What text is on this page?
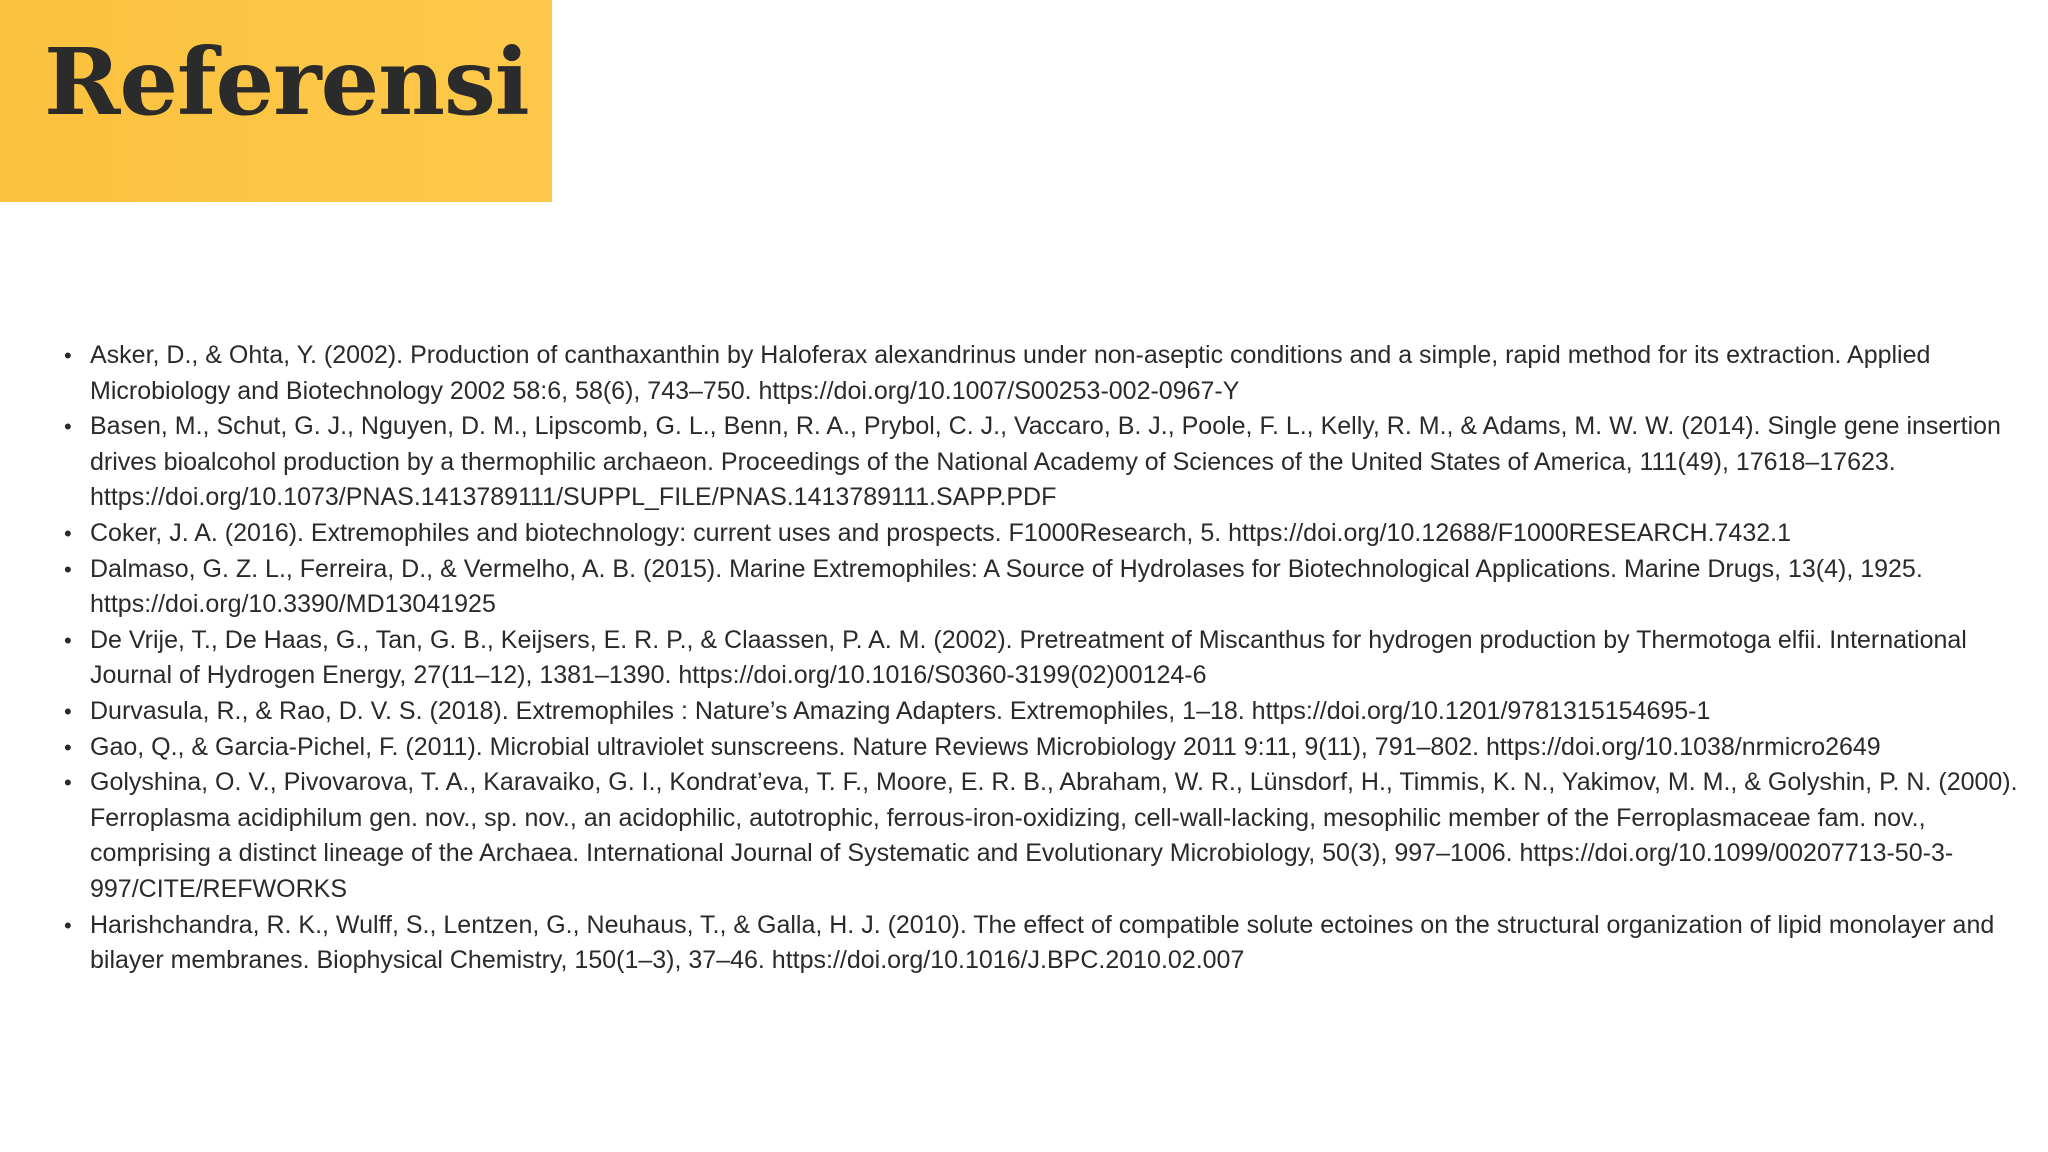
Referensi
• Asker, D., & Ohta, Y. (2002). Production of canthaxanthin by Haloferax alexandrinus under non-aseptic conditions and a simple, rapid method for its extraction. Applied Microbiology and Biotechnology 2002 58:6, 58(6), 743–750. https://doi.org/10.1007/S00253-002-0967-Y
• Basen, M., Schut, G. J., Nguyen, D. M., Lipscomb, G. L., Benn, R. A., Prybol, C. J., Vaccaro, B. J., Poole, F. L., Kelly, R. M., & Adams, M. W. W. (2014). Single gene insertion drives bioalcohol production by a thermophilic archaeon. Proceedings of the National Academy of Sciences of the United States of America, 111(49), 17618–17623. https://doi.org/10.1073/PNAS.1413789111/SUPPL_FILE/PNAS.1413789111.SAPP.PDF
• Coker, J. A. (2016). Extremophiles and biotechnology: current uses and prospects. F1000Research, 5. https://doi.org/10.12688/F1000RESEARCH.7432.1
• Dalmaso, G. Z. L., Ferreira, D., & Vermelho, A. B. (2015). Marine Extremophiles: A Source of Hydrolases for Biotechnological Applications. Marine Drugs, 13(4), 1925. https://doi.org/10.3390/MD13041925
• De Vrije, T., De Haas, G., Tan, G. B., Keijsers, E. R. P., & Claassen, P. A. M. (2002). Pretreatment of Miscanthus for hydrogen production by Thermotoga elfii. International Journal of Hydrogen Energy, 27(11–12), 1381–1390. https://doi.org/10.1016/S0360-3199(02)00124-6
• Durvasula, R., & Rao, D. V. S. (2018). Extremophiles : Nature’s Amazing Adapters. Extremophiles, 1–18. https://doi.org/10.1201/9781315154695-1
• Gao, Q., & Garcia-Pichel, F. (2011). Microbial ultraviolet sunscreens. Nature Reviews Microbiology 2011 9:11, 9(11), 791–802. https://doi.org/10.1038/nrmicro2649
• Golyshina, O. V., Pivovarova, T. A., Karavaiko, G. I., Kondrat’eva, T. F., Moore, E. R. B., Abraham, W. R., Lünsdorf, H., Timmis, K. N., Yakimov, M. M., & Golyshin, P. N. (2000). Ferroplasma acidiphilum gen. nov., sp. nov., an acidophilic, autotrophic, ferrous-iron-oxidizing, cell-wall-lacking, mesophilic member of the Ferroplasmaceae fam. nov., comprising a distinct lineage of the Archaea. International Journal of Systematic and Evolutionary Microbiology, 50(3), 997–1006. https://doi.org/10.1099/00207713-50-3-997/CITE/REFWORKS
• Harishchandra, R. K., Wulff, S., Lentzen, G., Neuhaus, T., & Galla, H. J. (2010). The effect of compatible solute ectoines on the structural organization of lipid monolayer and bilayer membranes. Biophysical Chemistry, 150(1–3), 37–46. https://doi.org/10.1016/J.BPC.2010.02.007
